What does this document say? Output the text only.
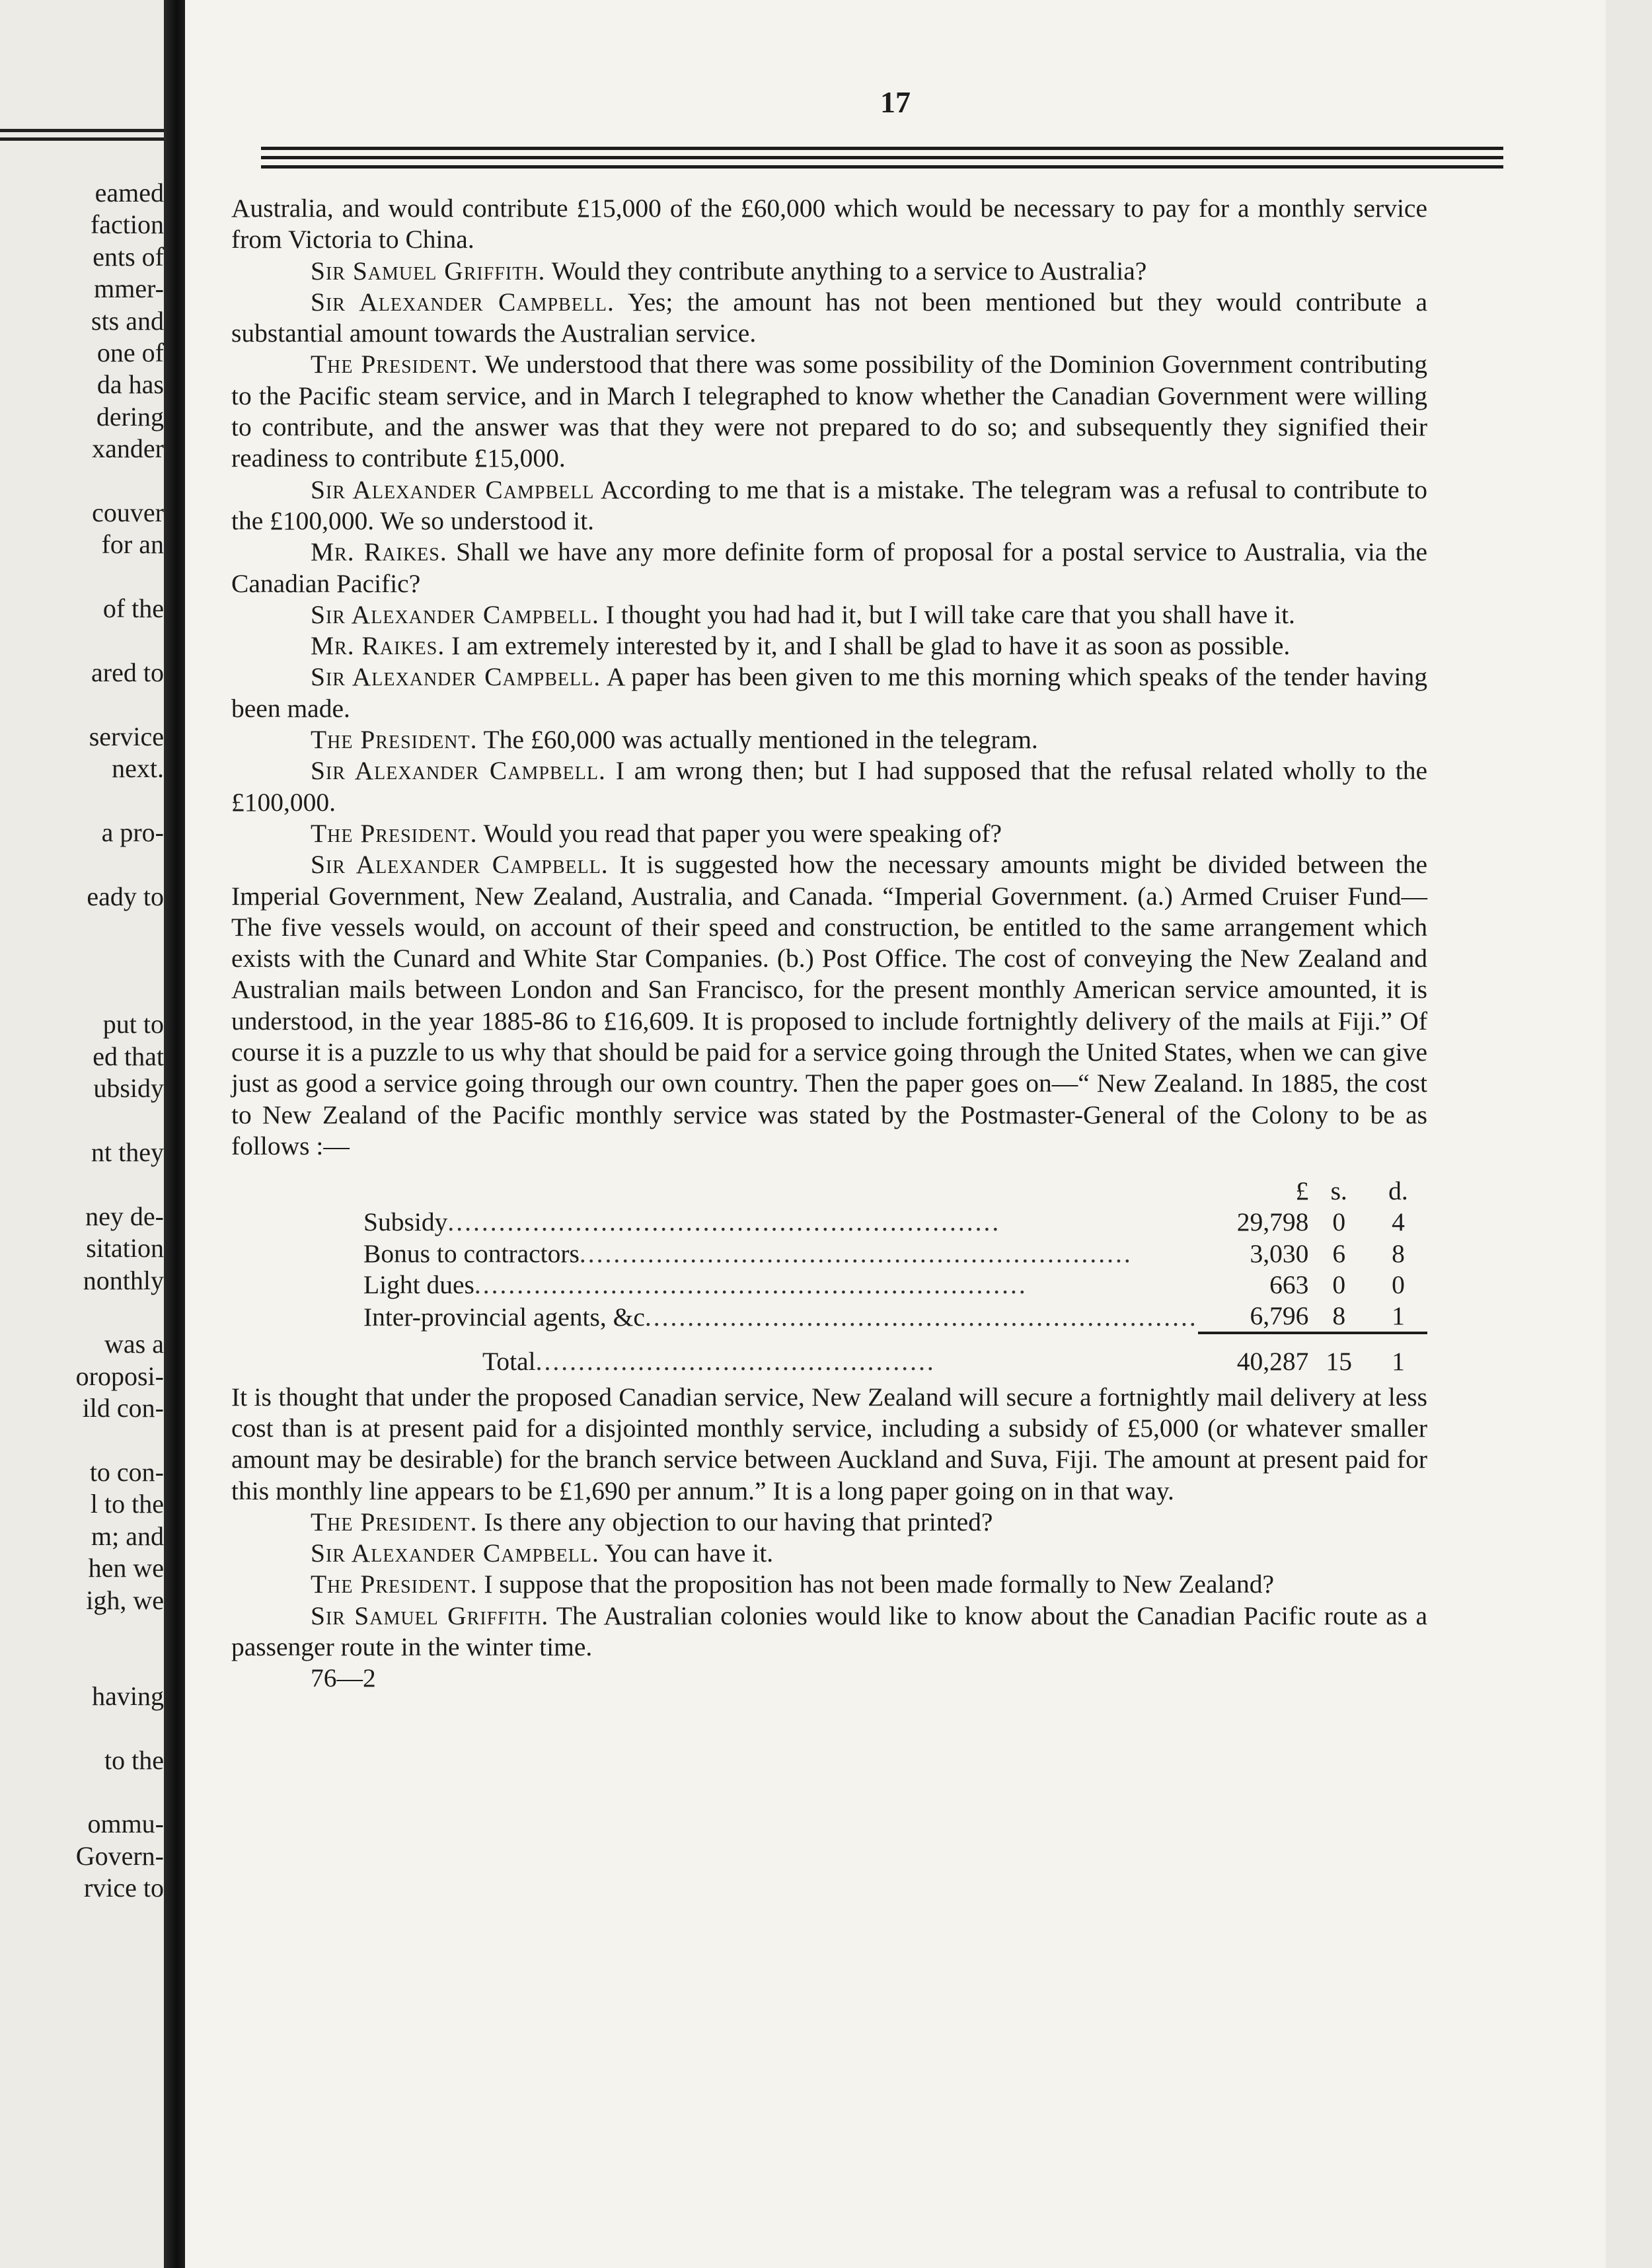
eamed
faction
ents of
mmer-
sts and
one of
da has
dering
xander
couver
for an
of the
ared to
service
next.
a pro-
eady to
put to
ed that
ubsidy
nt they
ney de-
sitation
nonthly
was a
oroposi-
ild con-
to con-
l to the
m; and
hen we
igh, we
having
to the
ommu-
Govern-
rvice to
17

Australia, and would contribute £15,000 of the £60,000 which would be necessary to pay for a monthly service from Victoria to China.

Sir Samuel Griffith. Would they contribute anything to a service to Australia?

Sir Alexander Campbell. Yes; the amount has not been mentioned but they would contribute a substantial amount towards the Australian service.

The President. We understood that there was some possibility of the Dominion Government contributing to the Pacific steam service, and in March I telegraphed to know whether the Canadian Government were willing to contribute, and the answer was that they were not prepared to do so; and subsequently they signified their readiness to contribute £15,000.

Sir Alexander Campbell According to me that is a mistake. The telegram was a refusal to contribute to the £100,000. We so understood it.

Mr. Raikes. Shall we have any more definite form of proposal for a postal service to Australia, via the Canadian Pacific?

Sir Alexander Campbell. I thought you had had it, but I will take care that you shall have it.

Mr. Raikes. I am extremely interested by it, and I shall be glad to have it as soon as possible.

Sir Alexander Campbell. A paper has been given to me this morning which speaks of the tender having been made.

The President. The £60,000 was actually mentioned in the telegram.

Sir Alexander Campbell. I am wrong then; but I had supposed that the refusal related wholly to the £100,000.

The President. Would you read that paper you were speaking of?

Sir Alexander Campbell. It is suggested how the necessary amounts might be divided between the Imperial Government, New Zealand, Australia, and Canada. “Imperial Government. (a.) Armed Cruiser Fund—The five vessels would, on account of their speed and construction, be entitled to the same arrangement which exists with the Cunard and White Star Companies. (b.) Post Office. The cost of conveying the New Zealand and Australian mails between London and San Francisco, for the present monthly American service amounted, it is understood, in the year 1885-86 to £16,609. It is proposed to include fortnightly delivery of the mails at Fiji.” Of course it is a puzzle to us why that should be paid for a service going through the United States, when we can give just as good a service going through our own country. Then the paper goes on—“ New Zealand. In 1885, the cost to New Zealand of the Pacific monthly service was stated by the Postmaster-General of the Colony to be as follows :—

	£	s.	d.
Subsidy.................................................................	29,798	0	4
Bonus to contractors.................................................................	3,030	6	8
Light dues.................................................................	663	0	0
Inter-provincial agents, &c.................................................................	6,796	8	1
Total...............................................	40,287	15	1

It is thought that under the proposed Canadian service, New Zealand will secure a fortnightly mail delivery at less cost than is at present paid for a disjointed monthly service, including a subsidy of £5,000 (or whatever smaller amount may be desirable) for the branch service between Auckland and Suva, Fiji. The amount at present paid for this monthly line appears to be £1,690 per annum.” It is a long paper going on in that way.

The President. Is there any objection to our having that printed?

Sir Alexander Campbell. You can have it.

The President. I suppose that the proposition has not been made formally to New Zealand?

Sir Samuel Griffith. The Australian colonies would like to know about the Canadian Pacific route as a passenger route in the winter time.

76—2
